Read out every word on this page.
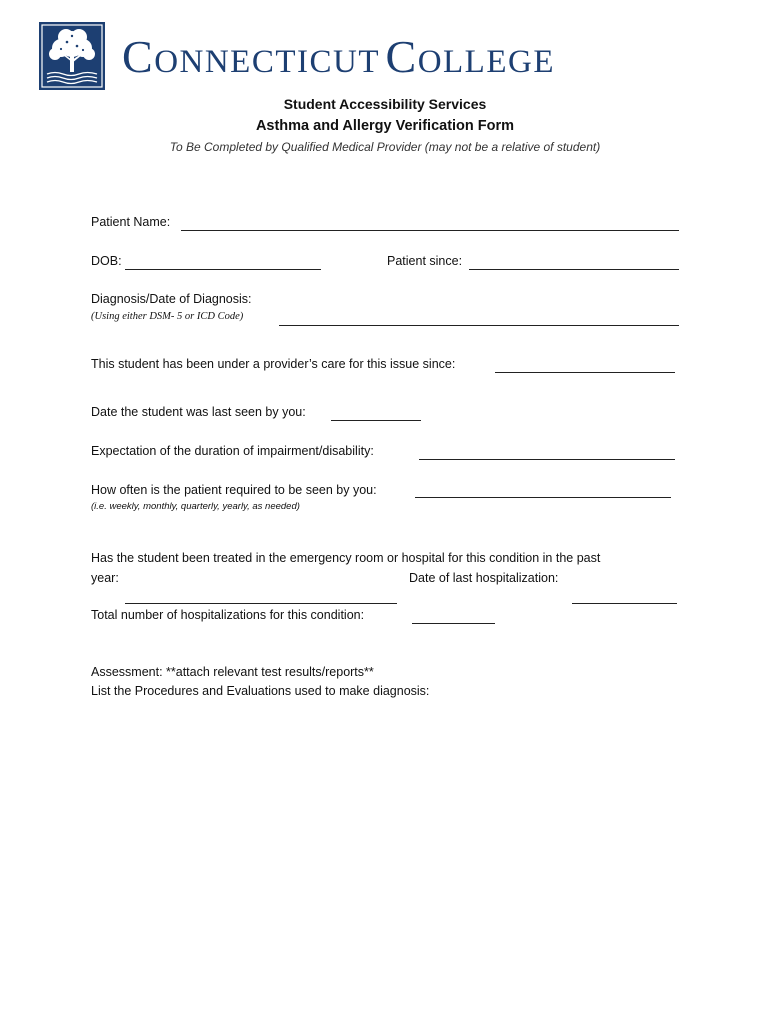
CONNECTICUT COLLEGE
Student Accessibility Services
Asthma and Allergy Verification Form
To Be Completed by Qualified Medical Provider (may not be a relative of student)
Patient Name:
DOB:	Patient since:
Diagnosis/Date of Diagnosis:
(Using either DSM- 5 or ICD Code)
This student has been under a provider’s care for this issue since:
Date the student was last seen by you:
Expectation of the duration of impairment/disability:
How often is the patient required to be seen by you:
(i.e. weekly, monthly, quarterly, yearly, as needed)
Has the student been treated in the emergency room or hospital for this condition in the past
year:	Date of last hospitalization:
Total number of hospitalizations for this condition:
Assessment: **attach relevant test results/reports**
List the Procedures and Evaluations used to make diagnosis:
